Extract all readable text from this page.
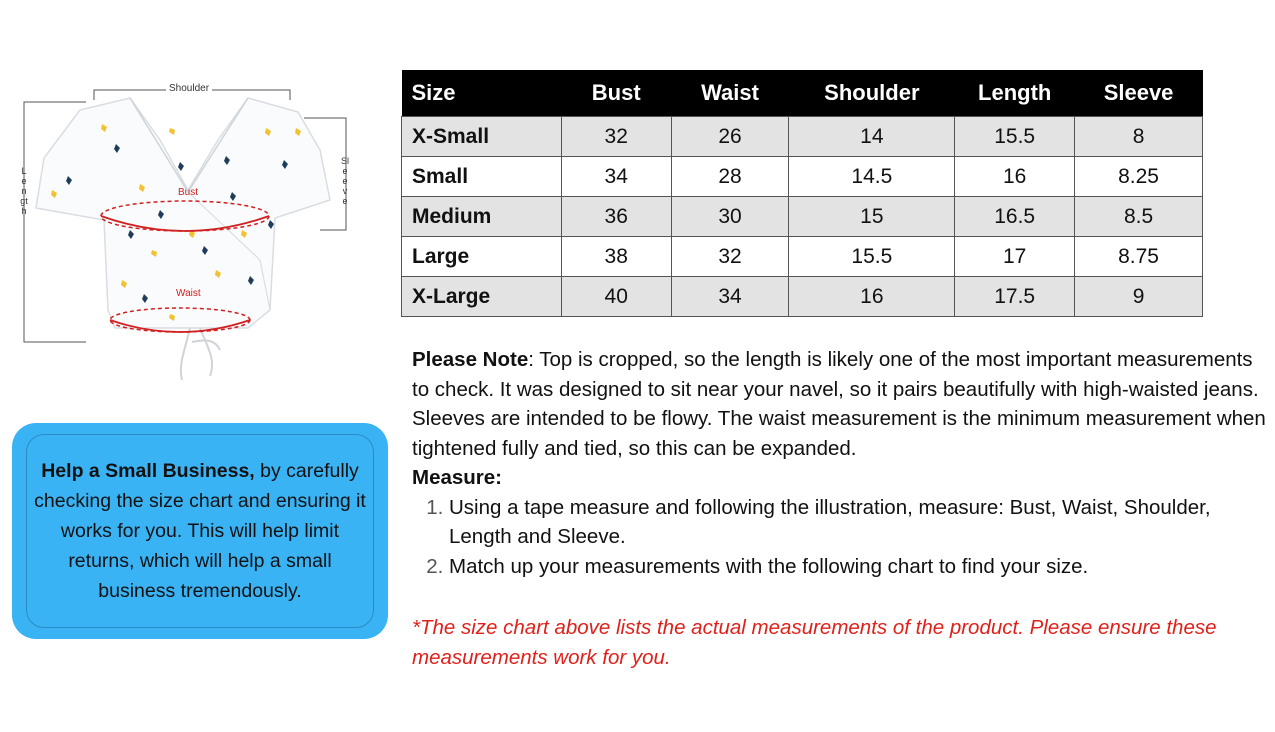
Shoulder
Bust
Waist
Length
Sleeve
Help a Small Business, by carefully checking the size chart and ensuring it works for you. This will help limit returns, which will help a small business tremendously.
Size	Bust	Waist	Shoulder	Length	Sleeve
X-Small	32	26	14	15.5	8
Small	34	28	14.5	16	8.25
Medium	36	30	15	16.5	8.5
Large	38	32	15.5	17	8.75
X-Large	40	34	16	17.5	9

Please Note: Top is cropped, so the length is likely one of the most important measurements to check. It was designed to sit near your navel, so it pairs beautifully with high-waisted jeans. Sleeves are intended to be flowy. The waist measurement is the minimum measurement when tightened fully and tied, so this can be expanded.

Measure:

1. Using a tape measure and following the illustration, measure: Bust, Waist, Shoulder, Length and Sleeve.
2. Match up your measurements with the following chart to find your size.
*The size chart above lists the actual measurements of the product. Please ensure these measurements work for you.
